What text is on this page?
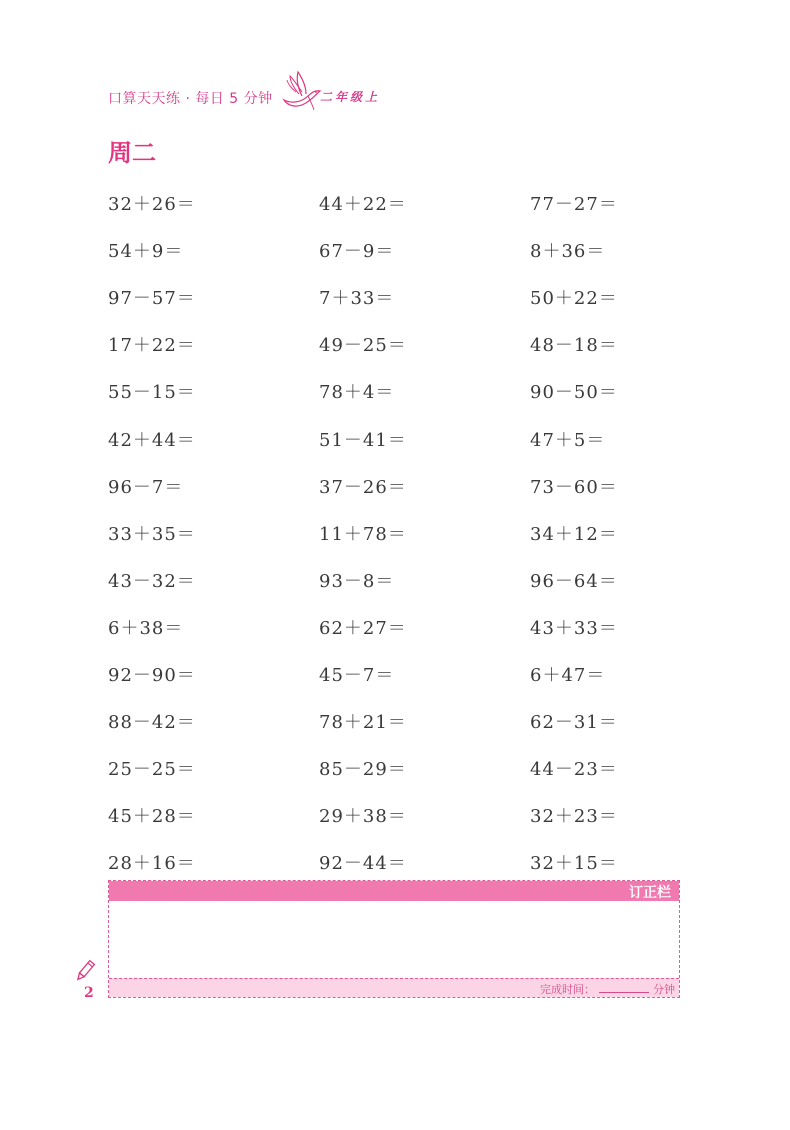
口算天天练 · 每日 5 分钟	二年级上
周二
32＋26＝	44＋22＝	77－27＝
54＋9＝	67－9＝	8＋36＝
97－57＝	7＋33＝	50＋22＝
17＋22＝	49－25＝	48－18＝
55－15＝	78＋4＝	90－50＝
42＋44＝	51－41＝	47＋5＝
96－7＝	37－26＝	73－60＝
33＋35＝	11＋78＝	34＋12＝
43－32＝	93－8＝	96－64＝
6＋38＝	62＋27＝	43＋33＝
92－90＝	45－7＝	6＋47＝
88－42＝	78＋21＝	62－31＝
25－25＝	85－29＝	44－23＝
45＋28＝	29＋38＝	32＋23＝
28＋16＝	92－44＝	32＋15＝
订正栏
完成时间：	分钟
2
